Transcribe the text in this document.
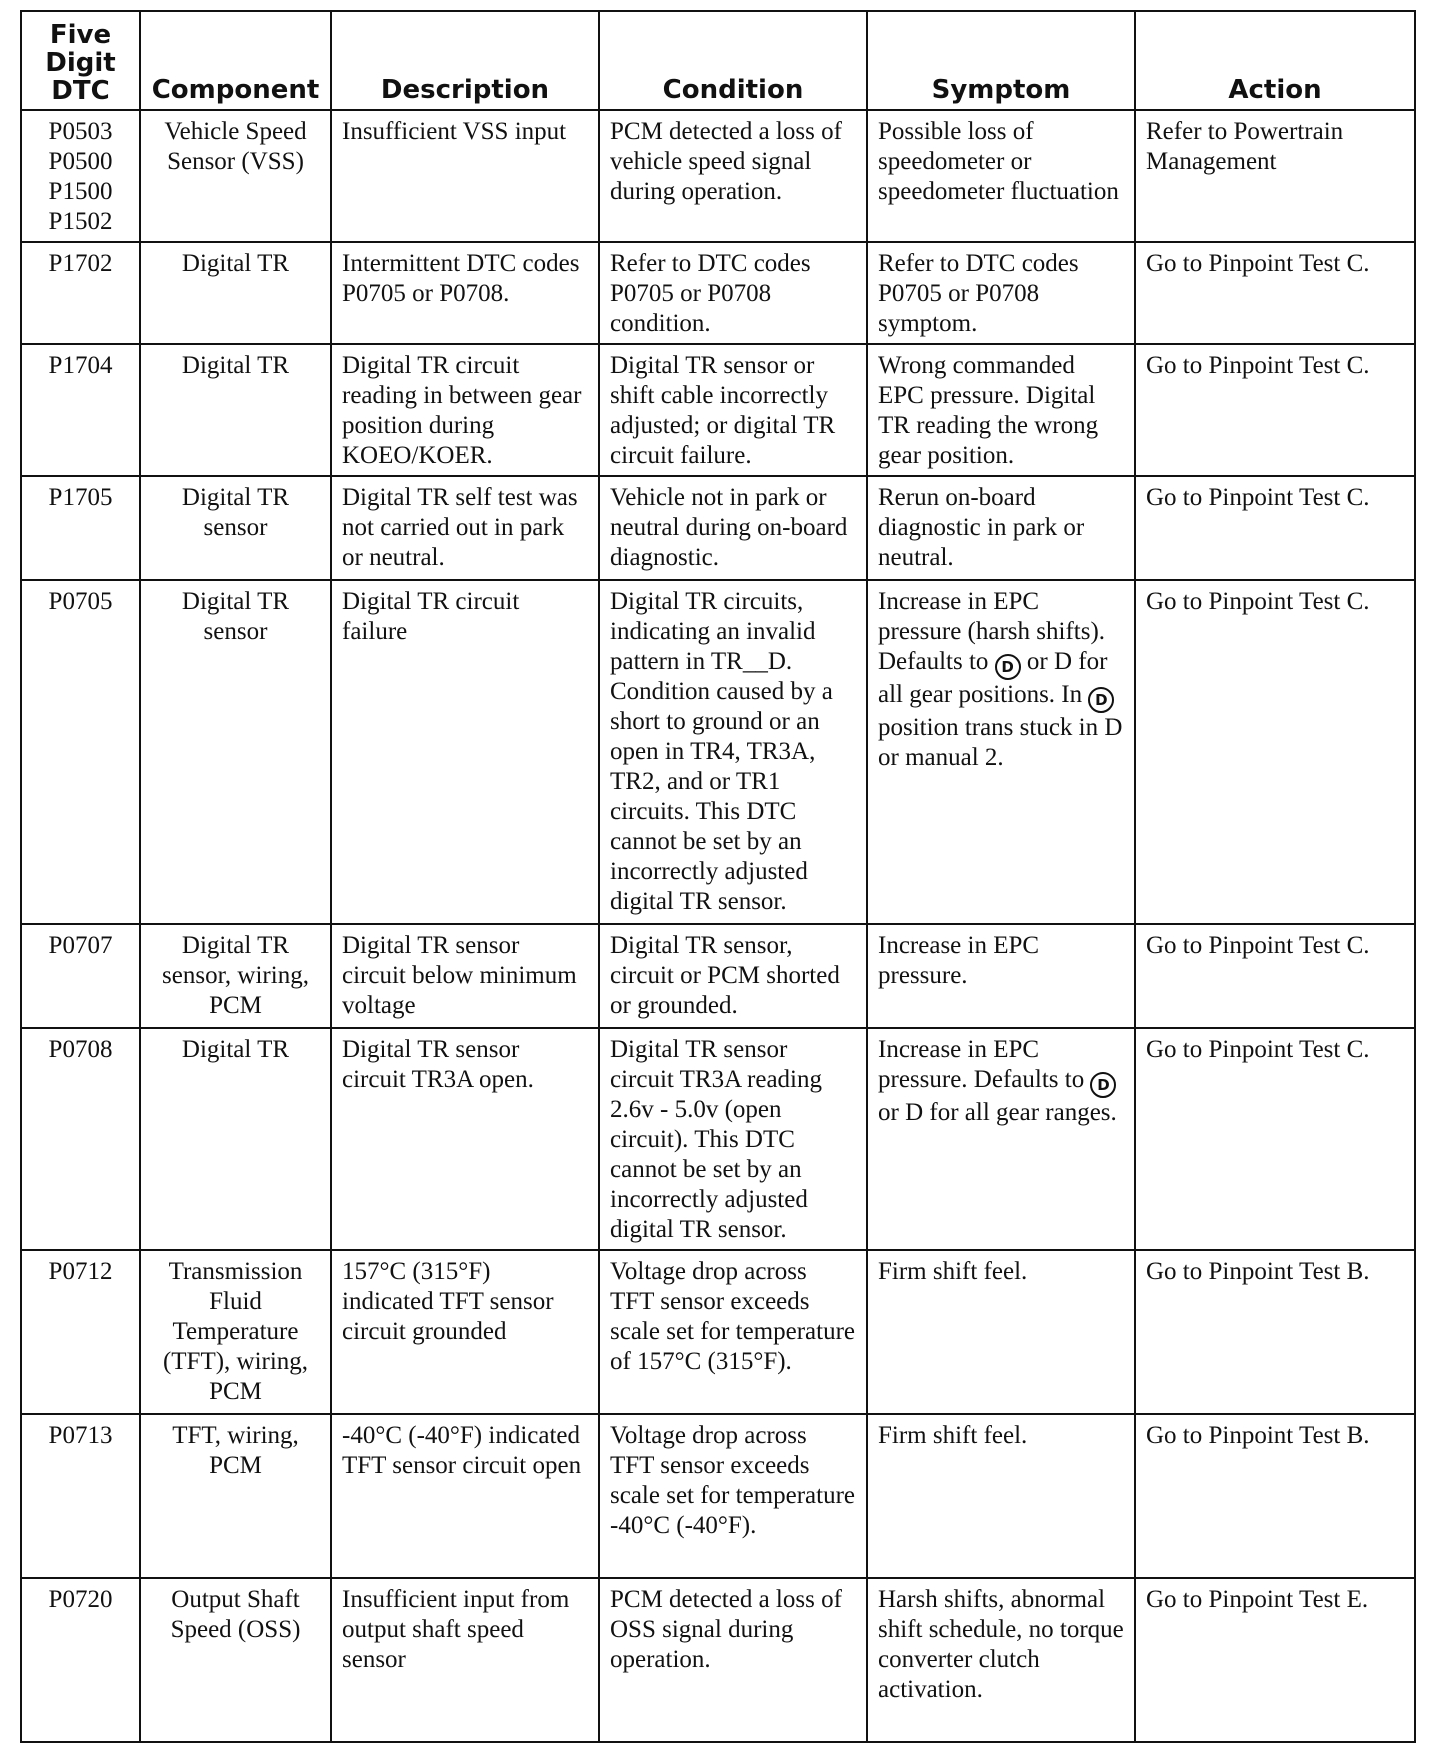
Five
Digit
DTC	Component	Description	Condition	Symptom	Action

P0503
P0500
P1500
P1502	Vehicle Speed Sensor (VSS)	Insufficient VSS input	PCM detected a loss of vehicle speed signal during operation.	Possible loss of speedometer or speedometer fluctuation	Refer to Powertrain Management

P1702	Digital TR	Intermittent DTC codes P0705 or P0708.	Refer to DTC codes P0705 or P0708 condition.	Refer to DTC codes P0705 or P0708 symptom.	Go to Pinpoint Test C.

P1704	Digital TR	Digital TR circuit reading in between gear position during KOEO/KOER.	Digital TR sensor or shift cable incorrectly adjusted; or digital TR circuit failure.	Wrong commanded EPC pressure. Digital TR reading the wrong gear position.	Go to Pinpoint Test C.

P1705	Digital TR sensor	Digital TR self test was not carried out in park or neutral.	Vehicle not in park or neutral during on-board diagnostic.	Rerun on-board diagnostic in park or neutral.	Go to Pinpoint Test C.

P0705	Digital TR sensor	Digital TR circuit failure	Digital TR circuits, indicating an invalid pattern in TR__D. Condition caused by a short to ground or an open in TR4, TR3A, TR2, and or TR1 circuits. This DTC cannot be set by an incorrectly adjusted digital TR sensor.	Increase in EPC pressure (harsh shifts). Defaults to D or D for all gear positions. In D position trans stuck in D or manual 2.	Go to Pinpoint Test C.

P0707	Digital TR sensor, wiring, PCM	Digital TR sensor circuit below minimum voltage	Digital TR sensor, circuit or PCM shorted or grounded.	Increase in EPC pressure.	Go to Pinpoint Test C.

P0708	Digital TR	Digital TR sensor circuit TR3A open.	Digital TR sensor circuit TR3A reading 2.6v - 5.0v (open circuit). This DTC cannot be set by an incorrectly adjusted digital TR sensor.	Increase in EPC pressure. Defaults to Dor D for all gear ranges.	Go to Pinpoint Test C.

P0712	Transmission Fluid Temperature (TFT), wiring, PCM	157°C (315°F) indicated TFT sensor circuit grounded	Voltage drop across TFT sensor exceeds scale set for temperature of 157°C (315°F).	Firm shift feel.	Go to Pinpoint Test B.

P0713	TFT, wiring, PCM	-40°C (-40°F) indicated TFT sensor circuit open	Voltage drop across TFT sensor exceeds scale set for temperature -40°C (-40°F).	Firm shift feel.	Go to Pinpoint Test B.

P0720	Output Shaft Speed (OSS)	Insufficient input from output shaft speed sensor	PCM detected a loss of OSS signal during operation.	Harsh shifts, abnormal shift schedule, no torque converter clutch activation.	Go to Pinpoint Test E.
